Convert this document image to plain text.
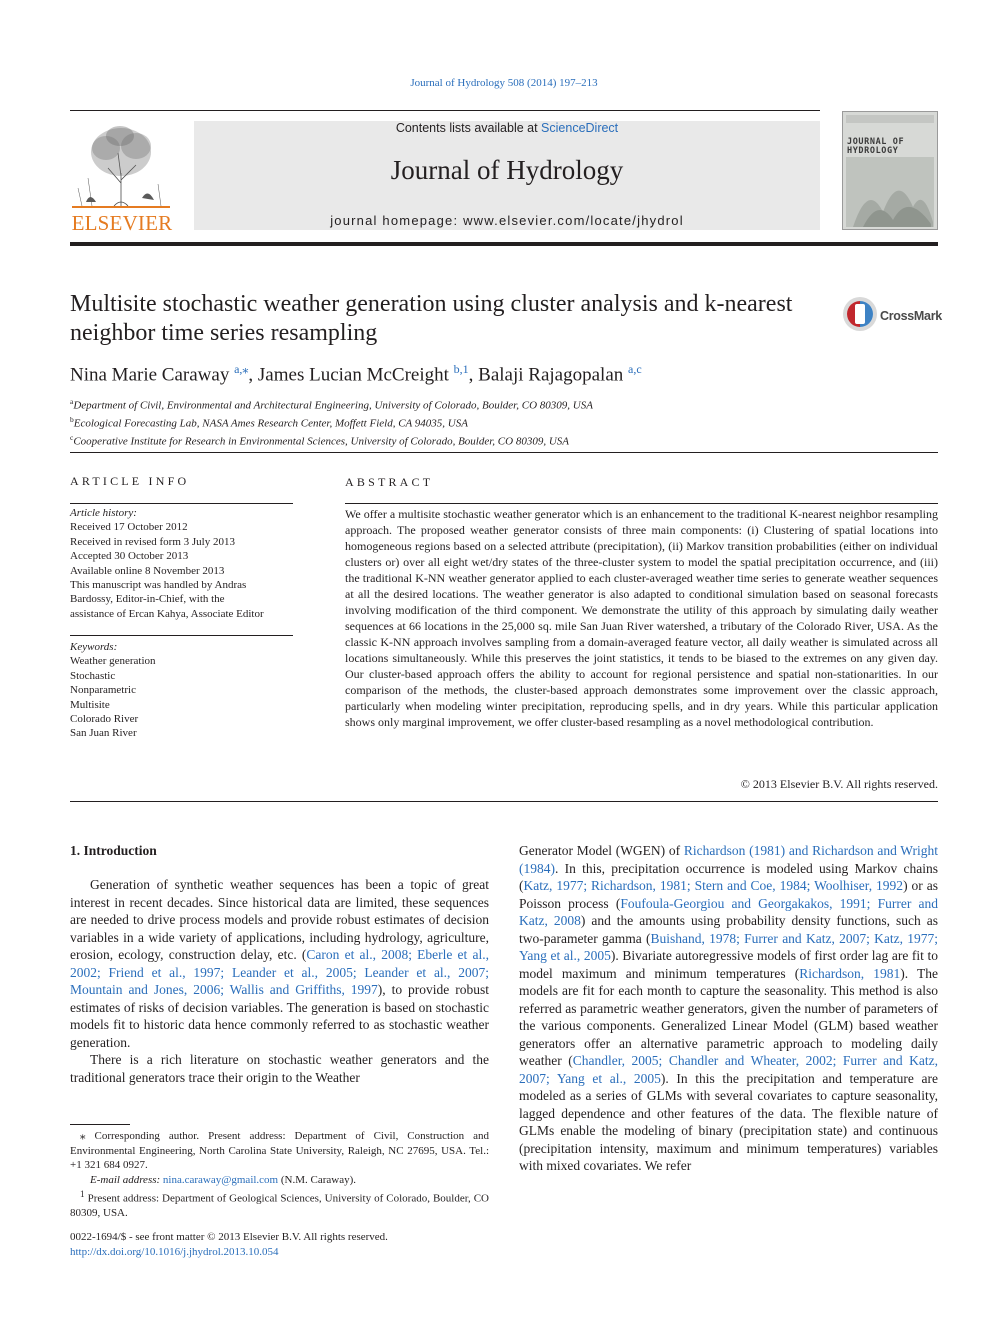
Journal of Hydrology 508 (2014) 197–213
ELSEVIER
Contents lists available at ScienceDirect
Journal of Hydrology
journal homepage: www.elsevier.com/locate/jhydrol
JOURNAL OF HYDROLOGY
Multisite stochastic weather generation using cluster analysis and k-nearest neighbor time series resampling
CrossMark
Nina Marie Caraway $^{a,⁎}$, James Lucian McCreight $^{b,1}$, Balaji Rajagopalan $^{a,c}$
$^a$Department of Civil, Environmental and Architectural Engineering, University of Colorado, Boulder, CO 80309, USA
$^b$Ecological Forecasting Lab, NASA Ames Research Center, Moffett Field, CA 94035, USA
$^c$Cooperative Institute for Research in Environmental Sciences, University of Colorado, Boulder, CO 80309, USA
ARTICLE INFO
Article history:
Received 17 October 2012
Received in revised form 3 July 2013
Accepted 30 October 2013
Available online 8 November 2013
This manuscript was handled by Andras
Bardossy, Editor-in-Chief, with the
assistance of Ercan Kahya, Associate Editor
Keywords:
Weather generation
Stochastic
Nonparametric
Multisite
Colorado River
San Juan River
ABSTRACT
We offer a multisite stochastic weather generator which is an enhancement to the traditional K-nearest neighbor resampling approach. The proposed weather generator consists of three main components: (i) Clustering of spatial locations into homogeneous regions based on a selected attribute (precipitation), (ii) Markov transition probabilities (either on individual clusters or) over all eight wet/dry states of the three-cluster system to model the spatial precipitation occurrence, and (iii) the traditional K-NN weather generator applied to each cluster-averaged weather time series to generate weather sequences at all the desired locations. The weather generator is also adapted to conditional simulation based on seasonal forecasts involving modification of the third component. We demonstrate the utility of this approach by simulating daily weather sequences at 66 locations in the 25,000 sq. mile San Juan River watershed, a tributary of the Colorado River, USA. As the classic K-NN approach involves sampling from a domain-averaged feature vector, all daily weather is simulated across all locations simultaneously. While this preserves the joint statistics, it tends to be biased to the extremes on any given day. Our cluster-based approach offers the ability to account for regional persistence and spatial non-stationarities. In our comparison of the methods, the cluster-based approach demonstrates some improvement over the classic approach, particularly when modeling winter precipitation, reproducing spells, and in dry years. While this particular application shows only marginal improvement, we offer cluster-based resampling as a novel methodological contribution.
© 2013 Elsevier B.V. All rights reserved.
1. Introduction
Generation of synthetic weather sequences has been a topic of great interest in recent decades. Since historical data are limited, these sequences are needed to drive process models and provide robust estimates of decision variables in a wide variety of applications, including hydrology, agriculture, erosion, ecology, construction delay, etc. (Caron et al., 2008; Eberle et al., 2002; Friend et al., 1997; Leander et al., 2005; Leander et al., 2007; Mountain and Jones, 2006; Wallis and Griffiths, 1997), to provide robust estimates of risks of decision variables. The generation is based on stochastic models fit to historic data hence commonly referred to as stochastic weather generation.
There is a rich literature on stochastic weather generators and the traditional generators trace their origin to the Weather
Generator Model (WGEN) of Richardson (1981) and Richardson and Wright (1984). In this, precipitation occurrence is modeled using Markov chains (Katz, 1977; Richardson, 1981; Stern and Coe, 1984; Woolhiser, 1992) or as Poisson process (Foufoula-Georgiou and Georgakakos, 1991; Furrer and Katz, 2008) and the amounts using probability density functions, such as two-parameter gamma (Buishand, 1978; Furrer and Katz, 2007; Katz, 1977; Yang et al., 2005). Bivariate autoregressive models of first order lag are fit to model maximum and minimum temperatures (Richardson, 1981). The models are fit for each month to capture the seasonality. This method is also referred as parametric weather generators, given the number of parameters of the various components. Generalized Linear Model (GLM) based weather generators offer an alternative parametric approach to modeling daily weather (Chandler, 2005; Chandler and Wheater, 2002; Furrer and Katz, 2007; Yang et al., 2005). In this the precipitation and temperature are modeled as a series of GLMs with several covariates to capture seasonality, lagged dependence and other features of the data. The flexible nature of GLMs enable the modeling of binary (precipitation state) and continuous (precipitation intensity, maximum and minimum temperatures) variables with mixed covariates. We refer
⁎ Corresponding author. Present address: Department of Civil, Construction and Environmental Engineering, North Carolina State University, Raleigh, NC 27695, USA. Tel.: +1 321 684 0927.
E-mail address: nina.caraway@gmail.com (N.M. Caraway).
$^1$ Present address: Department of Geological Sciences, University of Colorado, Boulder, CO 80309, USA.
0022-1694/$ - see front matter © 2013 Elsevier B.V. All rights reserved.
http://dx.doi.org/10.1016/j.jhydrol.2013.10.054
